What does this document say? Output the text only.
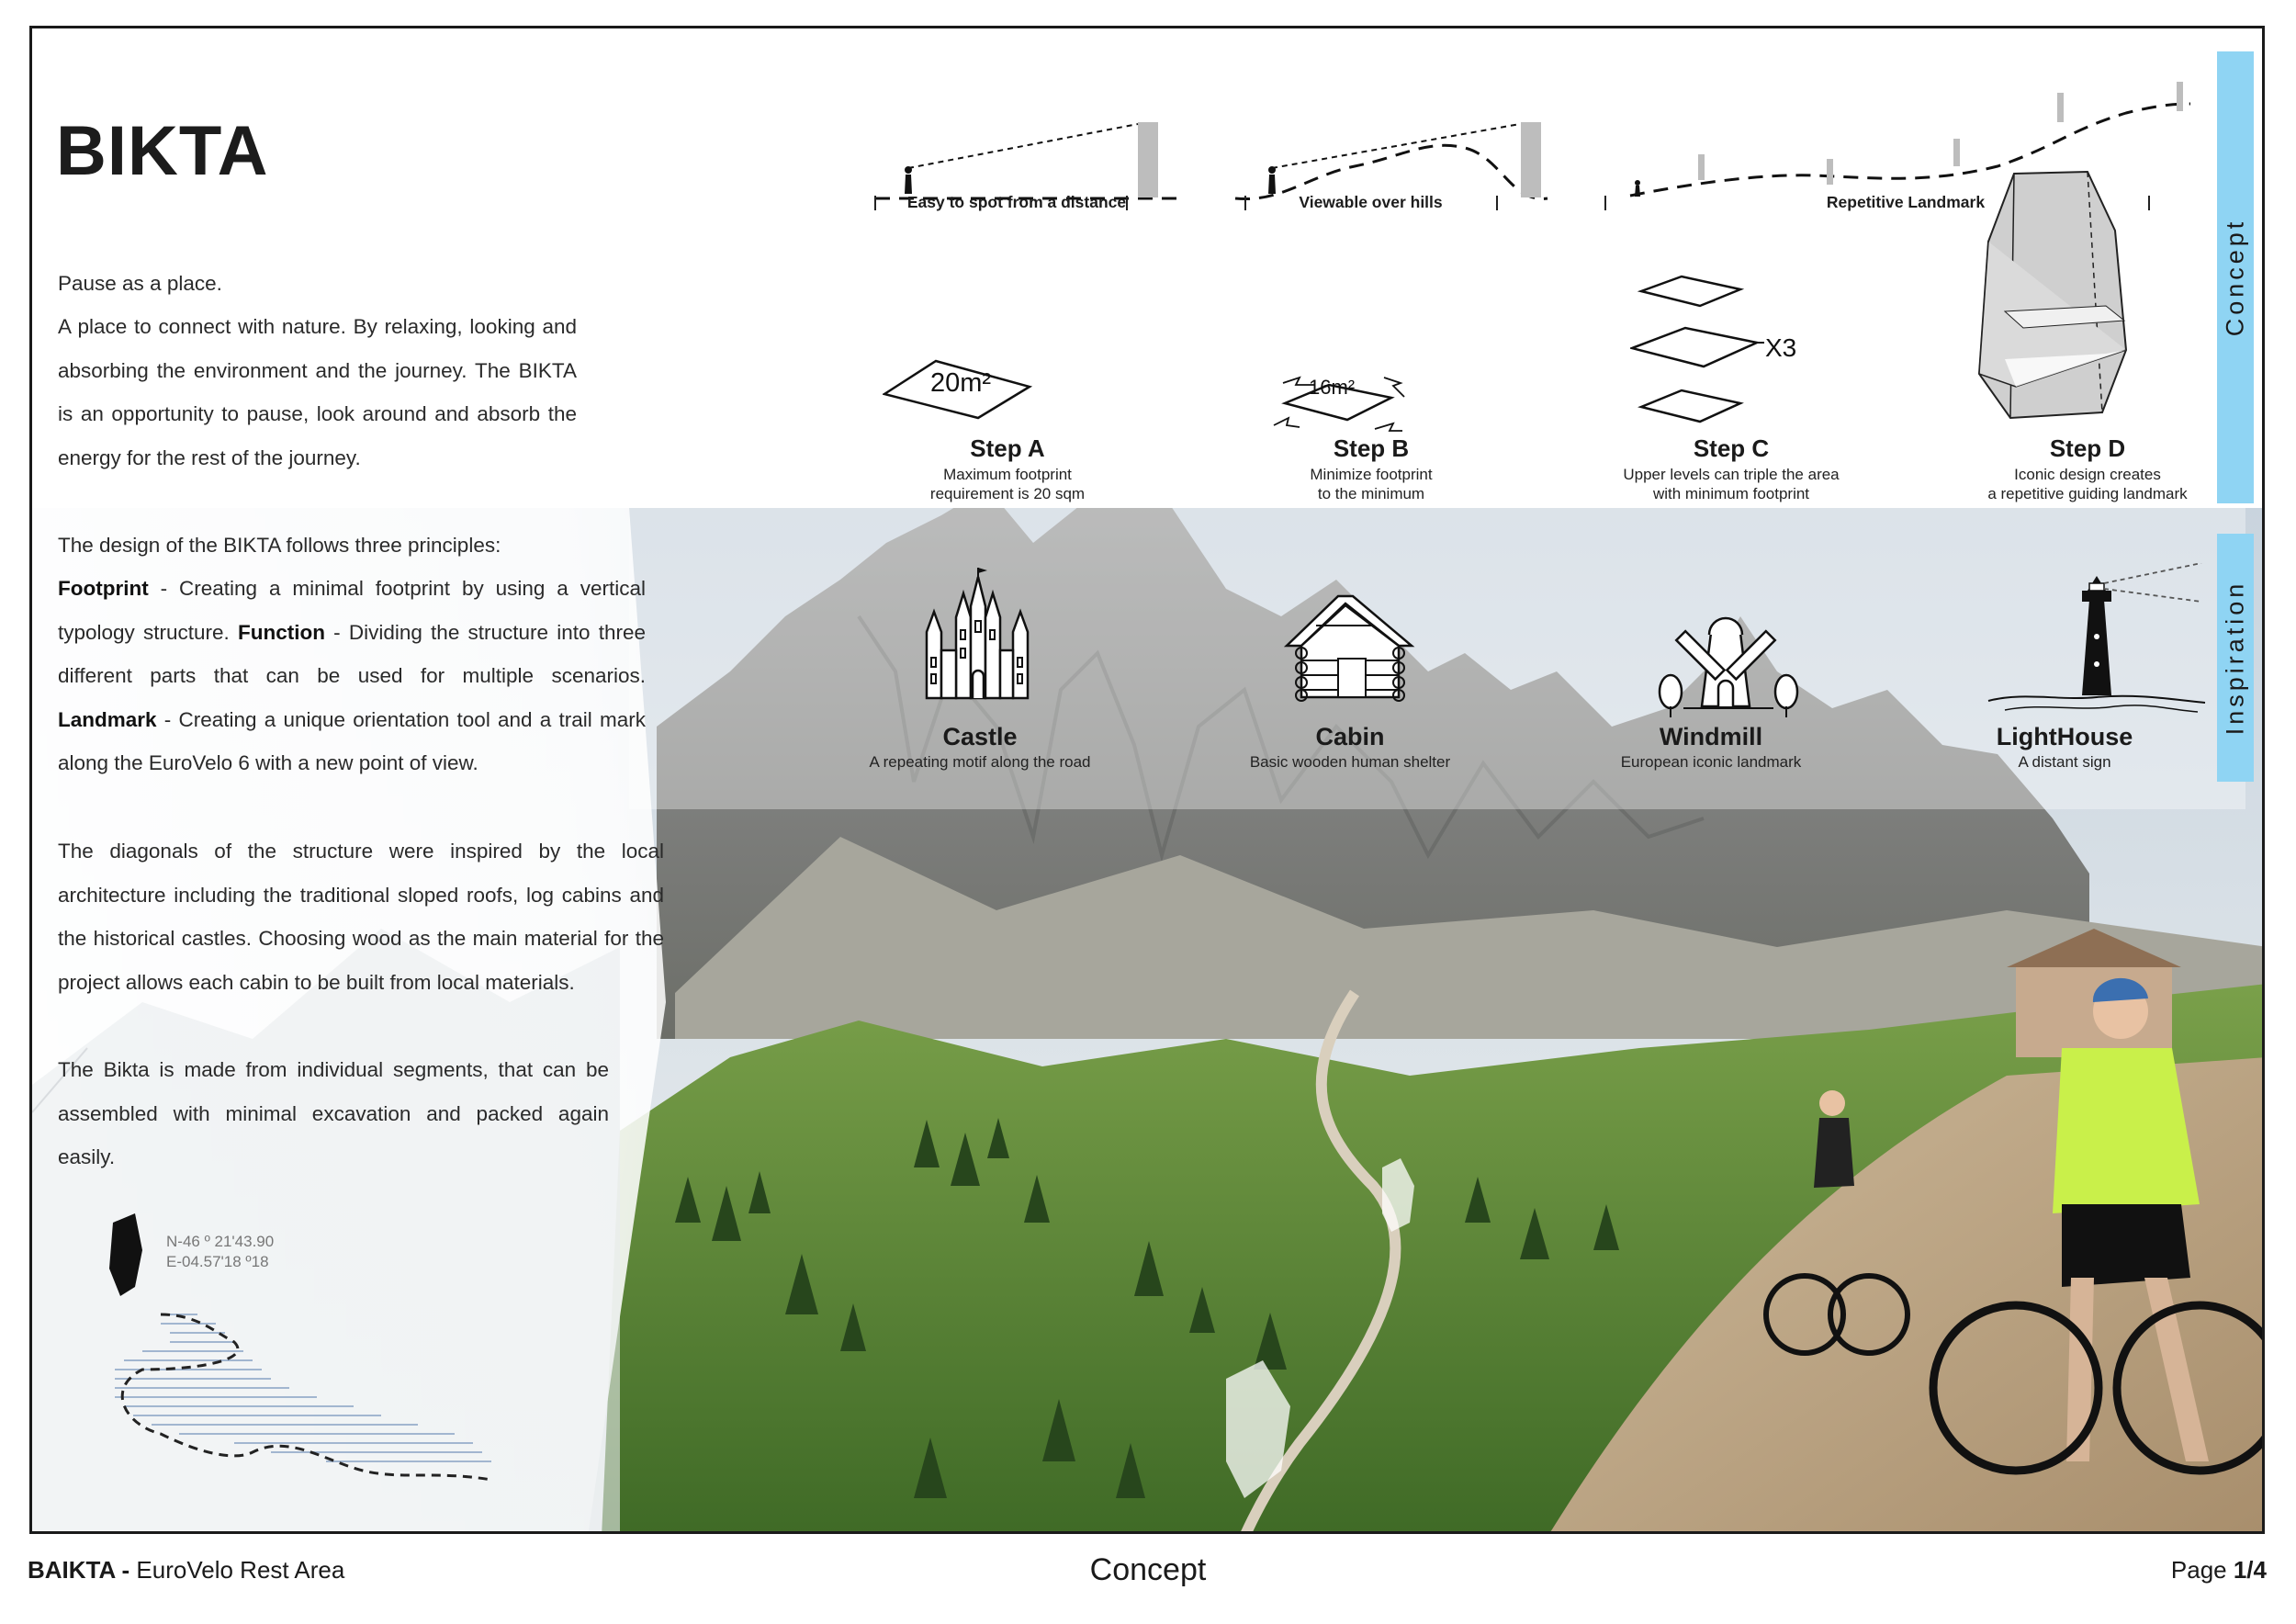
BIKTA
Pause as a place.
A place to connect with nature. By relaxing, looking and absorbing the environment and the journey. The BIKTA is an opportunity to pause, look around and absorb the energy for the rest of the journey.
The design of the BIKTA follows three principles:
Footprint - Creating a minimal footprint by using a vertical typology structure. Function - Dividing the structure into three different parts that can be used for multiple scenarios. Landmark - Creating a unique orientation tool and a trail mark along the EuroVelo 6 with a new point of view.
The diagonals of the structure were inspired by the local architecture including the traditional sloped roofs, log cabins and the historical castles. Choosing wood as the main material for the project allows each cabin to be built from local materials.
The Bikta is made from individual segments, that can be assembled with minimal excavation and packed again easily.
N-46 º 21'43.90
E-04.57'18 º18
Easy to spot from a distance	Viewable over hills	Repetitive Landmark
20m²	16m²
X3
Step A
Maximum footprint
requirement is 20 sqm
Step B
Minimize footprint
to the minimum
Step C
Upper levels can triple the area
with minimum footprint
Step D
Iconic design creates
a repetitive guiding landmark
Castle
A repeating motif along the road
Cabin
Basic wooden human shelter
Windmill
European iconic landmark
LightHouse
A distant sign
Concept
Inspiration
BAIKTA - EuroVelo Rest Area	Concept	Page 1/4
